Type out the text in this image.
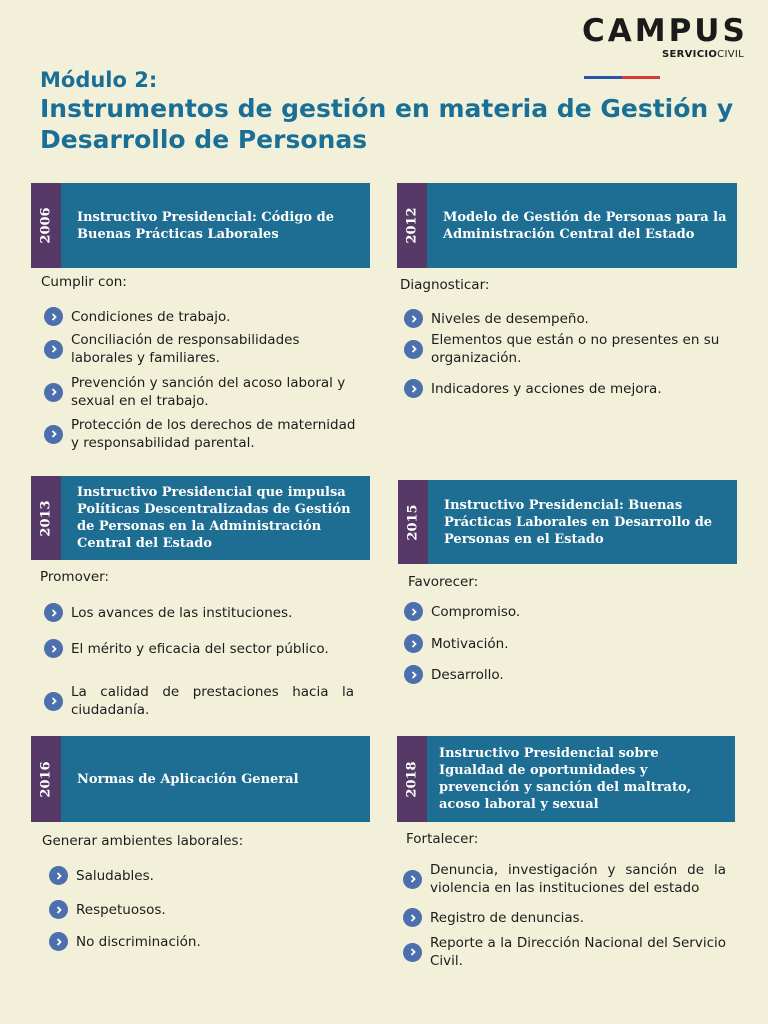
CAMPUS
SERVICIOCIVIL
Módulo 2:
Instrumentos de gestión en materia de Gestión y Desarrollo de Personas
2006	Instructivo Presidencial: Código de Buenas Prácticas Laborales
Cumplir con:
Condiciones de trabajo.
Conciliación de responsabilidades laborales y familiares.
Prevención y sanción del acoso laboral y sexual en el trabajo.
Protección de los derechos de maternidad y responsabilidad parental.
2012	Modelo de Gestión de Personas para la Administración Central del Estado
Diagnosticar:
Niveles de desempeño.
Elementos que están o no presentes en su organización.
Indicadores y acciones de mejora.
2013
Instructivo Presidencial que impulsa Políticas Descentralizadas de Gestión de Personas en la Administración Central del Estado
Promover:
Los avances de las instituciones.
El mérito y eficacia del sector público.
La calidad de prestaciones hacia la ciudadanía.
2015	Instructivo Presidencial: Buenas Prácticas Laborales en Desarrollo de Personas en el Estado
Favorecer:
Compromiso.
Motivación.
Desarrollo.
2016	Normas de Aplicación General
Generar ambientes laborales:
Saludables.
Respetuosos.
No discriminación.
2018
Instructivo Presidencial sobre Igualdad de oportunidades y prevención y sanción del maltrato, acoso laboral y sexual
Fortalecer:
Denuncia, investigación y sanción de la violencia en las instituciones del estado
Registro de denuncias.
Reporte a la Dirección Nacional del Servicio Civil.
